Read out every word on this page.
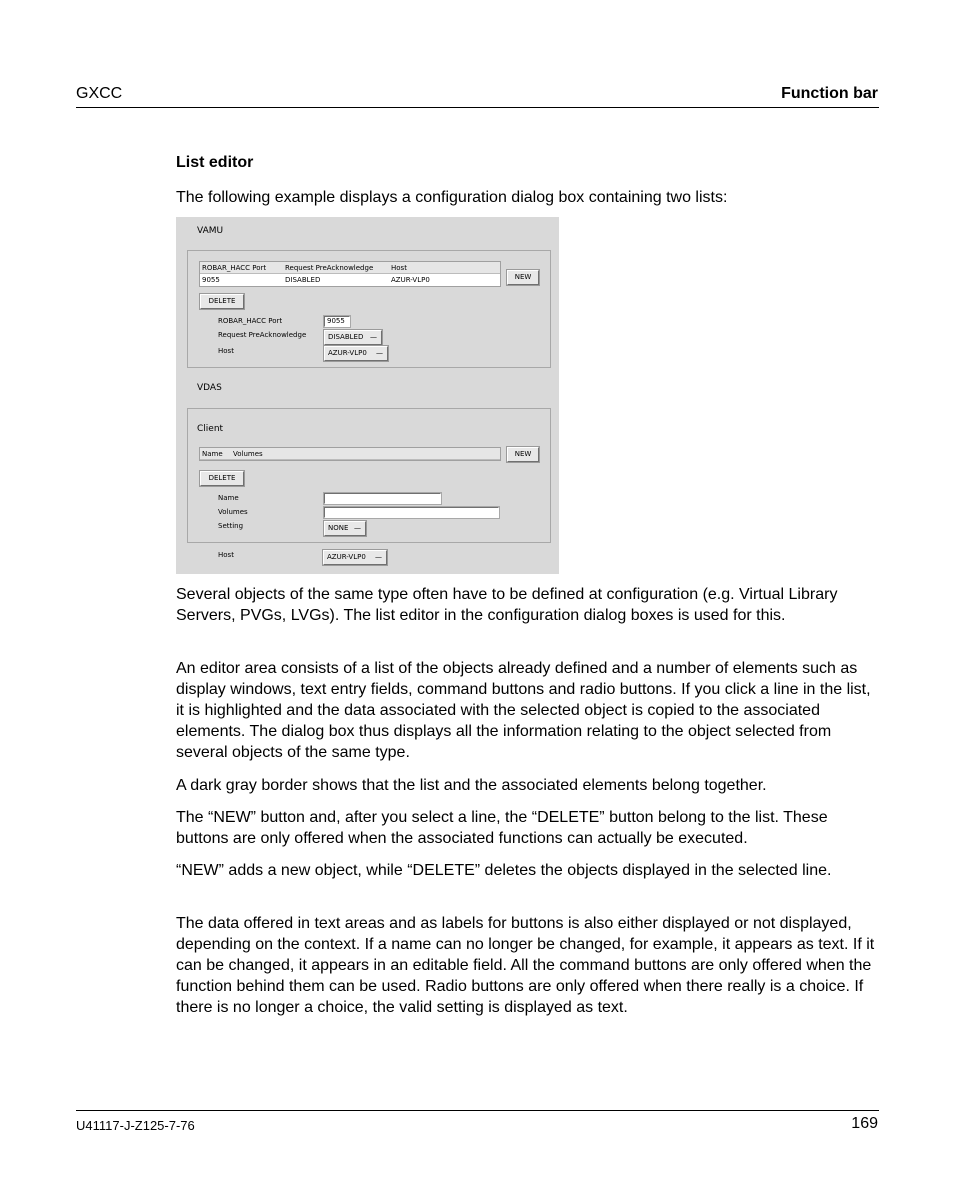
GXCC	Function bar
List editor
The following example displays a configuration dialog box containing two lists:
VAMU
ROBAR_HACC Port	Request PreAcknowledge	Host
9055	DISABLED	AZUR-VLP0	NEW
DELETE
ROBAR_HACC Port	9055
Request PreAcknowledge	DISABLED —
Host	AZUR-VLP0 —
VDAS
Client
Name Volumes	NEW
DELETE
Name
Volumes
Setting	NONE —
Host	AZUR-VLP0 —

Several objects of the same type often have to be defined at configuration (e.g. Virtual Library Servers, PVGs, LVGs). The list editor in the configuration dialog boxes is used for this.

An editor area consists of a list of the objects already defined and a number of elements such as display windows, text entry fields, command buttons and radio buttons. If you click a line in the list, it is highlighted and the data associated with the selected object is copied to the associated elements. The dialog box thus displays all the information relating to the object selected from several objects of the same type.

A dark gray border shows that the list and the associated elements belong together.

The “NEW” button and, after you select a line, the “DELETE” button belong to the list. These buttons are only offered when the associated functions can actually be executed.

“NEW” adds a new object, while “DELETE” deletes the objects displayed in the selected line.

The data offered in text areas and as labels for buttons is also either displayed or not displayed, depending on the context. If a name can no longer be changed, for example, it appears as text. If it can be changed, it appears in an editable field. All the command buttons are only offered when the function behind them can be used. Radio buttons are only offered when there really is a choice. If there is no longer a choice, the valid setting is displayed as text.

U41117-J-Z125-7-76	169
